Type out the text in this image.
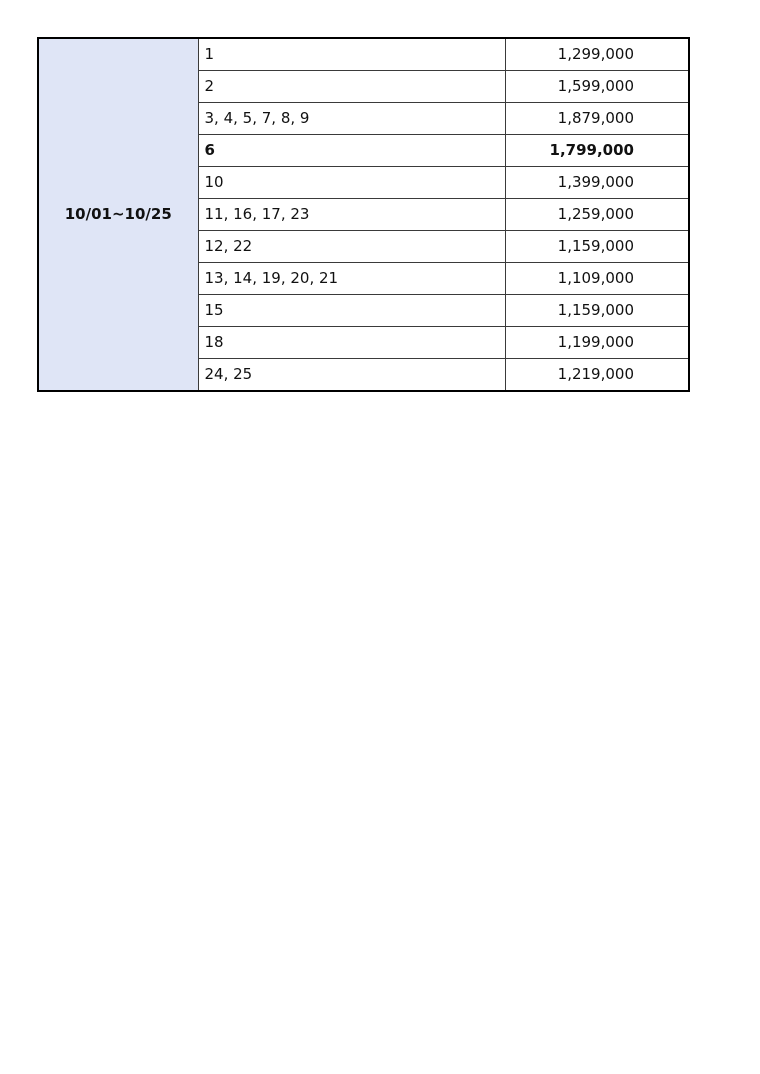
10/01~10/25	1	1,299,000
	2	1,599,000
	3, 4, 5, 7, 8, 9	1,879,000
	6	1,799,000
	10	1,399,000
	11, 16, 17, 23	1,259,000
	12, 22	1,159,000
	13, 14, 19, 20, 21	1,109,000
	15	1,159,000
	18	1,199,000
	24, 25	1,219,000
